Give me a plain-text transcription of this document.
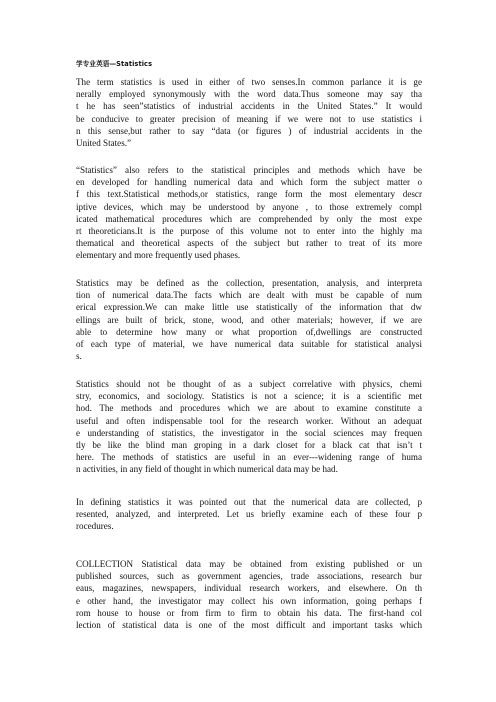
学专业英语—Statistics
The term statistics is used in either of two senses.In common parlance it is ge
nerally employed synonymously with the word data.Thus someone may say tha
t he has seen”statistics of industrial accidents in the United States.” It would
be conducive to greater precision of meaning if we were not to use statistics i
n this sense,but rather to say “data (or figures ) of industrial accidents in the
United States.”
“Statistics” also refers to the statistical principles and methods which have be
en developed for handling numerical data and which form the subject matter o
f this text.Statistical methods,or statistics, range form the most elementary descr
iptive devices, which may be understood by anyone , to those extremely compl
icated mathematical procedures which are comprehended by only the most expe
rt theoreticians.It is the purpose of this volume not to enter into the highly ma
thematical and theoretical aspects of the subject but rather to treat of its more
elementary and more frequently used phases.
Statistics may be defined as the collection, presentation, analysis, and interpreta
tion of numerical data.The facts which are dealt with must be capable of num
erical expression.We can make little use statistically of the information that dw
ellings are built of brick, stone, wood, and other materials; however, if we are
able to determine how many or what proportion of,dwellings are constructed
of each type of material, we have numerical data suitable for statistical analysi
s.
Statistics should not be thought of as a subject correlative with physics, chemi
stry, economics, and sociology. Statistics is not a science; it is a scientific met
hod. The methods and procedures which we are about to examine constitute a
useful and often indispensable tool for the research worker. Without an adequat
e understanding of statistics, the investigator in the social sciences may frequen
tly be like the blind man groping in a dark closet for a black cat that isn’t t
here. The methods of statistics are useful in an ever---widening range of huma
n activities, in any field of thought in which numerical data may be had.
In defining statistics it was pointed out that the numerical data are collected, p
resented, analyzed, and interpreted. Let us briefly examine each of these four p
rocedures.
COLLECTION Statistical data may be obtained from existing published or un
published sources, such as government agencies, trade associations, research bur
eaus, magazines, newspapers, individual research workers, and elsewhere. On th
e other hand, the investigator may collect his own information, going perhaps f
rom house to house or from firm to firm to obtain his data. The first-hand col
lection of statistical data is one of the most difficult and important tasks which
